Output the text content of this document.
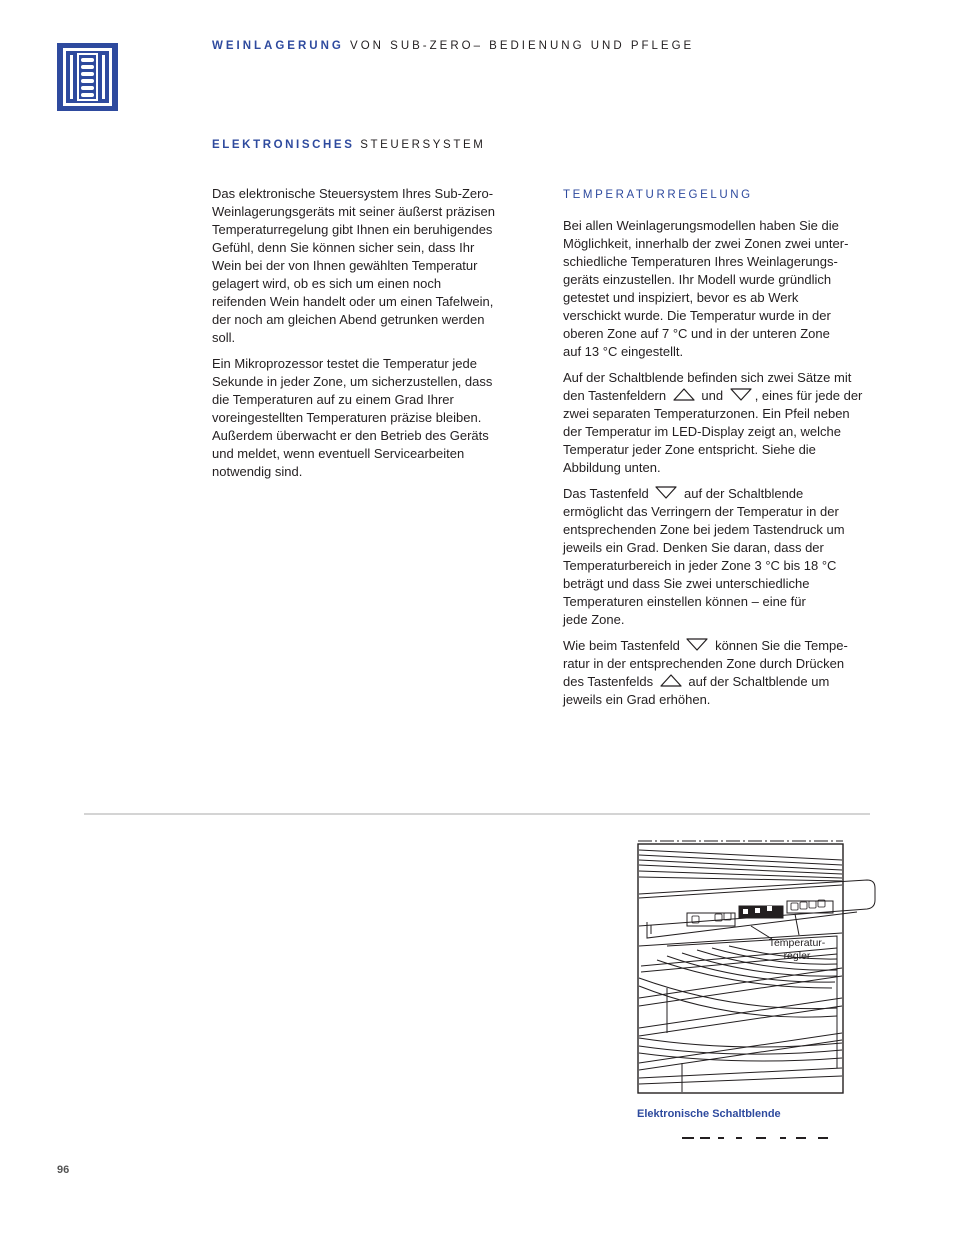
WEINLAGERUNG VON SUB-ZERO– BEDIENUNG UND PFLEGE
ELEKTRONISCHES STEUERSYSTEM

Das elektronische Steuersystem Ihres Sub-Zero-
Weinlagerungsgeräts mit seiner äußerst präzisen
Temperaturregelung gibt Ihnen ein beruhigendes
Gefühl, denn Sie können sicher sein, dass Ihr
Wein bei der von Ihnen gewählten Temperatur
gelagert wird, ob es sich um einen noch
reifenden Wein handelt oder um einen Tafelwein,
der noch am gleichen Abend getrunken werden
soll.

Ein Mikroprozessor testet die Temperatur jede
Sekunde in jeder Zone, um sicherzustellen, dass
die Temperaturen auf zu einem Grad Ihrer
voreingestellten Temperaturen präzise bleiben.
Außerdem überwacht er den Betrieb des Geräts
und meldet, wenn eventuell Servicearbeiten
notwendig sind.

TEMPERATURREGELUNG

Bei allen Weinlagerungsmodellen haben Sie die
Möglichkeit, innerhalb der zwei Zonen zwei unter-
schiedliche Temperaturen Ihres Weinlagerungs-
geräts einzustellen. Ihr Modell wurde gründlich
getestet und inspiziert, bevor es ab Werk
verschickt wurde. Die Temperatur wurde in der
oberen Zone auf 7 °C und in der unteren Zone
auf 13 °C eingestellt.

Auf der Schaltblende befinden sich zwei Sätze mit
den Tastenfeldern	und , eines für jede der
zwei separaten Temperaturzonen. Ein Pfeil neben
der Temperatur im LED-Display zeigt an, welche
Temperatur jeder Zone entspricht. Siehe die
Abbildung unten.

Das Tastenfeld	auf der Schaltblende
ermöglicht das Verringern der Temperatur in der
entsprechenden Zone bei jedem Tastendruck um
jeweils ein Grad. Denken Sie daran, dass der
Temperaturbereich in jeder Zone 3 °C bis 18 °C
beträgt und dass Sie zwei unterschiedliche
Temperaturen einstellen können – eine für
jede Zone.

Wie beim Tastenfeld	können Sie die Tempe-
ratur in der entsprechenden Zone durch Drücken
des Tastenfelds	auf der Schaltblende um
jeweils ein Grad erhöhen.

Temperatur-
regler
Elektronische Schaltblende
96
